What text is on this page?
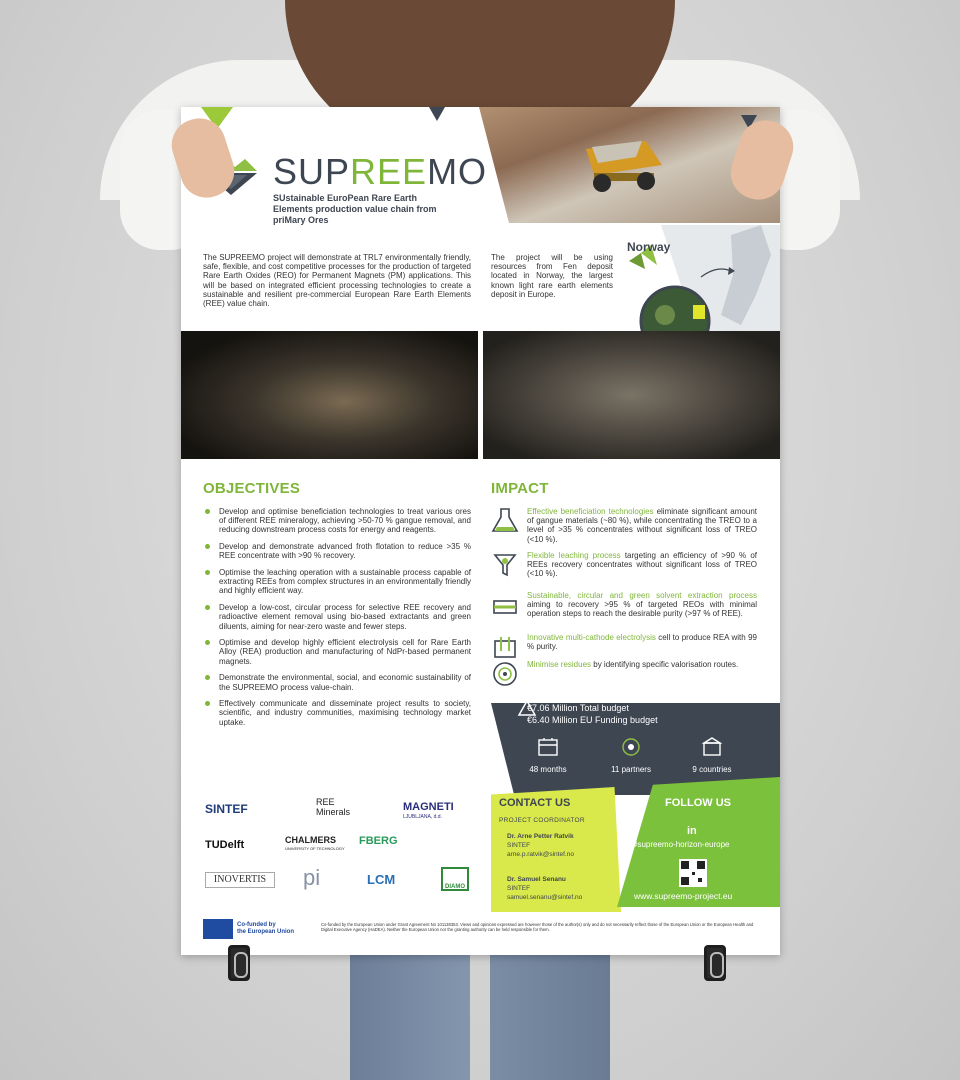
SUPREEMO
SUstainable EuroPean Rare Earth Elements production value chain from priMary Ores
The SUPREEMO project will demonstrate at TRL7 environmentally friendly, safe, flexible, and cost competitive processes for the production of targeted Rare Earth Oxides (REO) for Permanent Magnets (PM) applications. This will be based on integrated efficient processing technologies to create a sustainable and resilient pre-commercial European Rare Earth Elements (REE) value chain.
The project will be using resources from Fen deposit located in Norway, the largest known light rare earth elements deposit in Europe.
Norway
OBJECTIVES
Develop and optimise beneficiation technologies to treat various ores of different REE mineralogy, achieving >50-70 % gangue removal, and reducing downstream process costs for energy and reagents.
Develop and demonstrate advanced froth flotation to reduce >35 % REE concentrate with >90 % recovery.
Optimise the leaching operation with a sustainable process capable of extracting REEs from complex structures in an environmentally friendly and highly efficient way.
Develop a low-cost, circular process for selective REE recovery and radioactive element removal using bio-based extractants and green diluents, aiming for near-zero waste and fewer steps.
Optimise and develop highly efficient electrolysis cell for Rare Earth Alloy (REA) production and manufacturing of NdPr-based permanent magnets.
Demonstrate the environmental, social, and economic sustainability of the SUPREEMO process value-chain.
Effectively communicate and disseminate project results to society, scientific, and industry communities, maximising technology market uptake.
IMPACT
Effective beneficiation technologies eliminate significant amount of gangue materials (~80 %), while concentrating the TREO to a level of >35 % concentrates without significant loss of TREO (<10 %).
Flexible leaching process targeting an efficiency of >90 % of REEs recovery concentrates without significant loss of TREO (<10 %).
Sustainable, circular and green solvent extraction process aiming to recovery >95 % of targeted REOs with minimal operation steps to reach the desirable purity (>97 % of REE).
Innovative multi-cathode electrolysis cell to produce REA with 99 % purity.
Minimise residues by identifying specific valorisation routes.
€7.06 Million Total budget
€6.40 Million EU Funding budget
48 months	11 partners	9 countries
CONTACT US
PROJECT COORDINATOR
Dr. Arne Petter Ratvik
SINTEF
arne.p.ratvik@sintef.no
Dr. Samuel Senanu
SINTEF
samuel.senanu@sintef.no
FOLLOW US
in
#supreemo-horizon-europe
www.supreemo-project.eu
SINTEF	REE Minerals	MAGNETI
LJUBLJANA, d.d.
TUDelft	CHALMERS
UNIVERSITY OF TECHNOLOGY
FBERG
INOVERTIS	pi	LCM	DIAMO
Co-funded by
the European Union
Co-funded by the European Union under Grant Agreement No 101138353. Views and opinions expressed are however those of the author(s) only and do not necessarily reflect those of the European Union or the European Health and Digital Executive Agency (HaDEA). Neither the European Union nor the granting authority can be held responsible for them.
